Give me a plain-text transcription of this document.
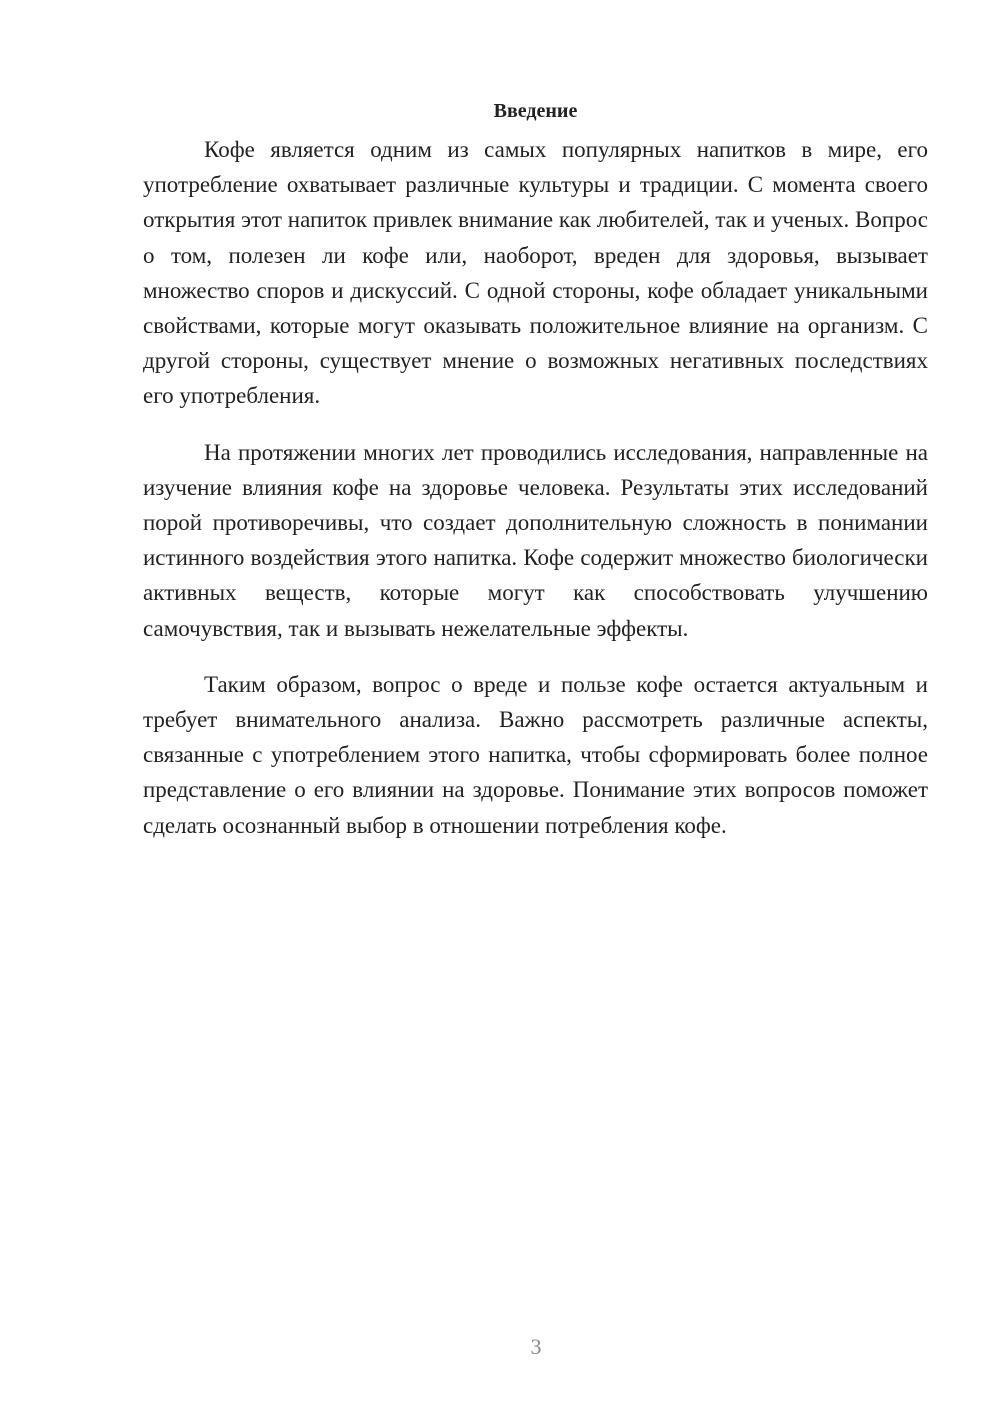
Введение

Кофе является одним из самых популярных напитков в мире, его употребление охватывает различные культуры и традиции. С момента своего открытия этот напиток привлек внимание как любителей, так и ученых. Вопрос о том, полезен ли кофе или, наоборот, вреден для здоровья, вызывает множество споров и дискуссий. С одной стороны, кофе обладает уникальными свойствами, которые могут оказывать положительное влияние на организм. С другой стороны, существует мнение о возможных негативных последствиях его употребления.

На протяжении многих лет проводились исследования, направленные на изучение влияния кофе на здоровье человека. Результаты этих исследований порой противоречивы, что создает дополнительную сложность в понимании истинного воздействия этого напитка. Кофе содержит множество биологически активных веществ, которые могут как способствовать улучшению самочувствия, так и вызывать нежелательные эффекты.

Таким образом, вопрос о вреде и пользе кофе остается актуальным и требует внимательного анализа. Важно рассмотреть различные аспекты, связанные с употреблением этого напитка, чтобы сформировать более полное представление о его влиянии на здоровье. Понимание этих вопросов поможет сделать осознанный выбор в отношении потребления кофе.

3
